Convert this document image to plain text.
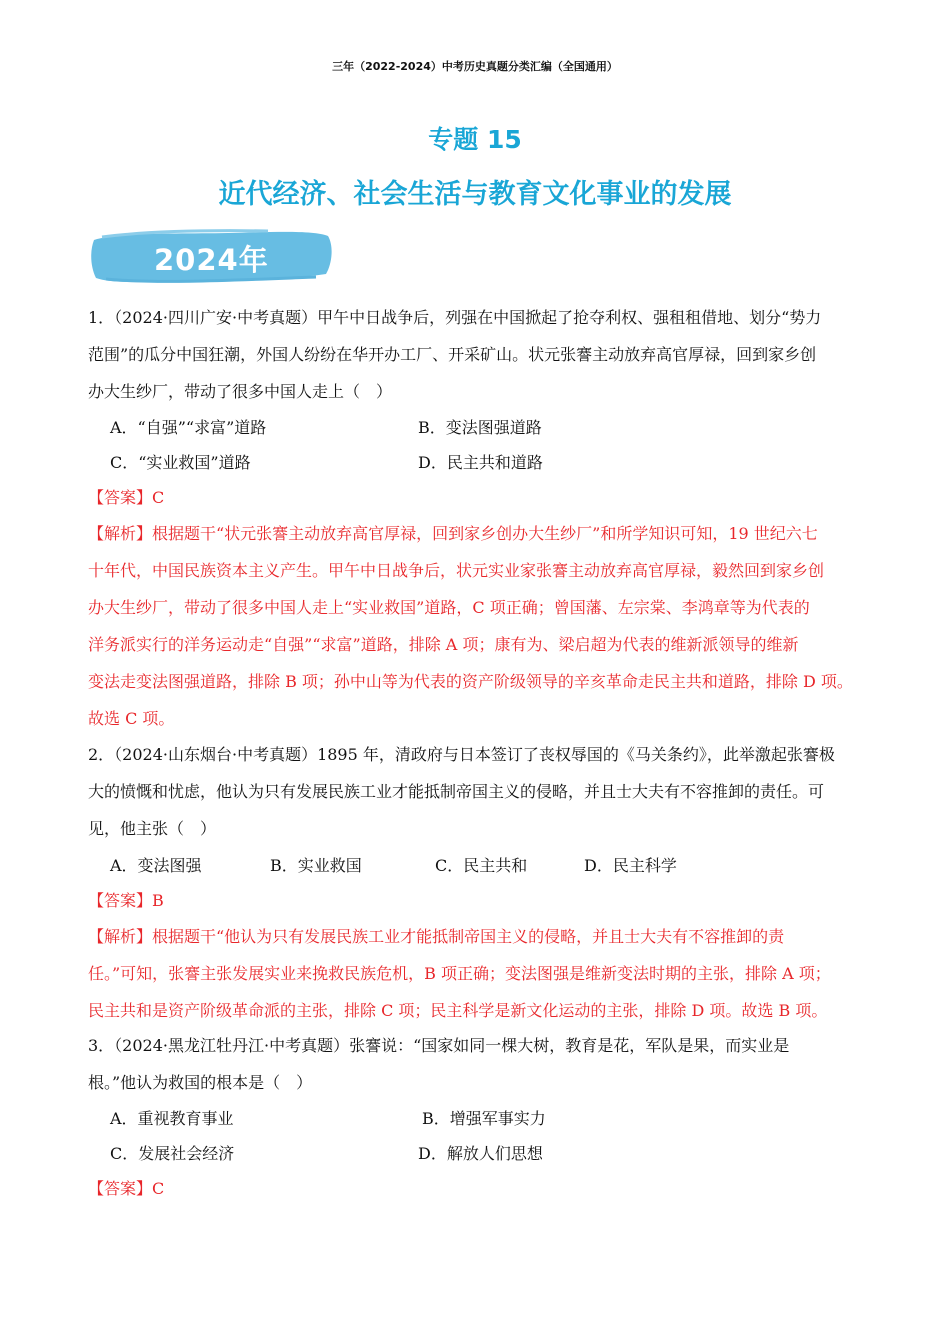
三年（2022-2024）中考历史真题分类汇编（全国通用）
专题 15
近代经济、社会生活与教育文化事业的发展
2024年
1．（2024·四川广安·中考真题）甲午中日战争后，列强在中国掀起了抢夺利权、强租租借地、划分“势力
范围”的瓜分中国狂潮，外国人纷纷在华开办工厂、开采矿山。状元张謇主动放弃高官厚禄，回到家乡创
办大生纱厂，带动了很多中国人走上（　）
A．“自强”“求富”道路	B．变法图强道路
C．“实业救国”道路	D．民主共和道路
【答案】C
【解析】根据题干“状元张謇主动放弃高官厚禄，回到家乡创办大生纱厂”和所学知识可知，19 世纪六七
十年代，中国民族资本主义产生。甲午中日战争后，状元实业家张謇主动放弃高官厚禄，毅然回到家乡创
办大生纱厂，带动了很多中国人走上“实业救国”道路，C 项正确；曾国藩、左宗棠、李鸿章等为代表的
洋务派实行的洋务运动走“自强”“求富”道路，排除 A 项；康有为、梁启超为代表的维新派领导的维新
变法走变法图强道路，排除 B 项；孙中山等为代表的资产阶级领导的辛亥革命走民主共和道路，排除 D 项。
故选 C 项。
2．（2024·山东烟台·中考真题）1895 年，清政府与日本签订了丧权辱国的《马关条约》，此举激起张謇极
大的愤慨和忧虑，他认为只有发展民族工业才能抵制帝国主义的侵略，并且士大夫有不容推卸的责任。可
见，他主张（　）
A．变法图强	B．实业救国	C．民主共和	D．民主科学
【答案】B
【解析】根据题干“他认为只有发展民族工业才能抵制帝国主义的侵略，并且士大夫有不容推卸的责
任。”可知，张謇主张发展实业来挽救民族危机，B 项正确；变法图强是维新变法时期的主张，排除 A 项；
民主共和是资产阶级革命派的主张，排除 C 项；民主科学是新文化运动的主张，排除 D 项。故选 B 项。
3．（2024·黑龙江牡丹江·中考真题）张謇说：“国家如同一棵大树，教育是花，军队是果，而实业是
根。”他认为救国的根本是（　）
A．重视教育事业	B．增强军事实力
C．发展社会经济	D．解放人们思想
【答案】C
